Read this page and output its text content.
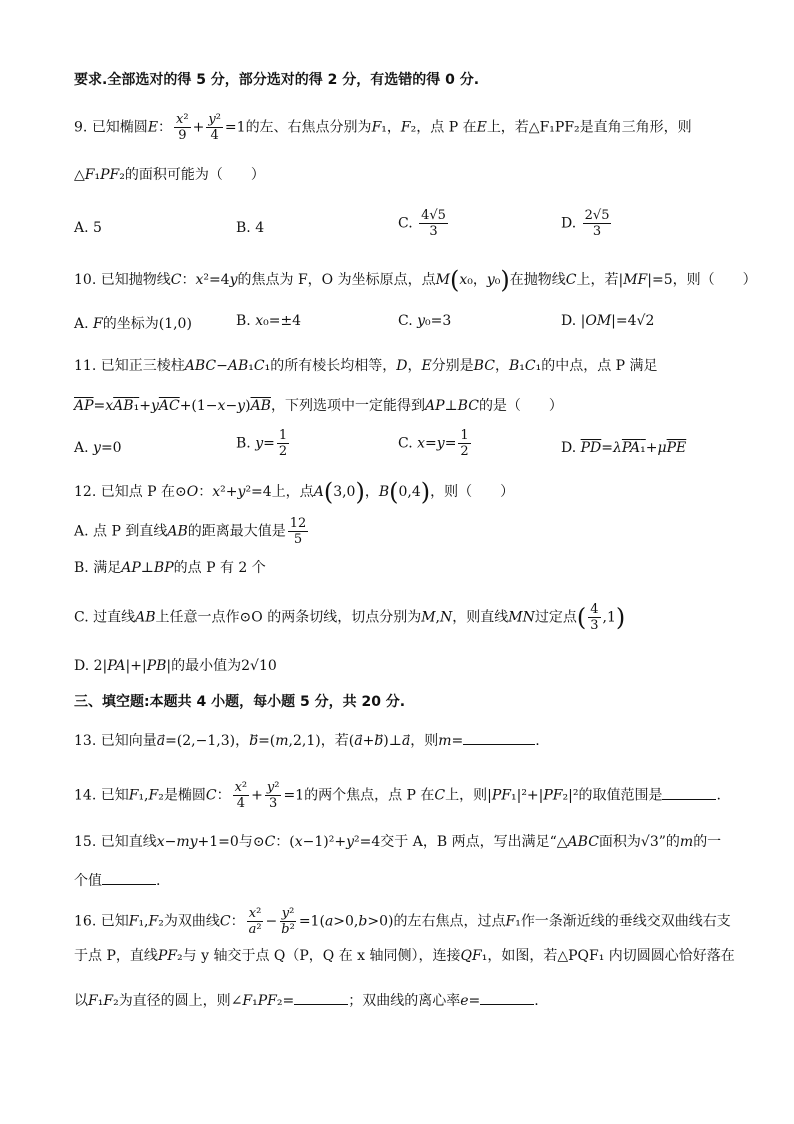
要求.全部选对的得 5 分，部分选对的得 2 分，有选错的得 0 分.
9. 已知椭圆E： $\frac{\text{x²}}{9} + \frac{\text{y²}}{4} =1$的左、右焦点分别为F₁，F₂，点 P 在E上，若△F₁PF₂是直角三角形，则
△F₁PF₂的面积可能为（　　）
A. 5	B. 4	C. $\frac{4√5}{3}$	D. $\frac{2√5}{3}$
10. 已知抛物线C：x²=4y的焦点为 F，O 为坐标原点，点M(x₀，y₀)在抛物线C上，若|MF|=5，则（　　）
A. F的坐标为(1,0)	B. x₀=±4	C. y₀=3	D. |OM|=4√2
11. 已知正三棱柱ABC−AB₁C₁的所有棱长均相等，D，E分别是BC，B₁C₁的中点，点 P 满足
$\overline{AP}=xAB_1+y\overline{AC}+(1-x-y)\overline{AB}$，下列选项中一定能得到AP⊥BC的是（　　）
A. y=0	B. $y= \frac{1}{2}$	C. $x=y= \frac{1}{2}$	D. $\overline{PD}=\lambda PA_1+\mu\overline{PE}$
12. 已知点 P 在⊙O：x²+y²=4上，点A(3,0)，B(0,4)，则（　　）
A. 点 P 到直线AB的距离最大值是 $\frac{12}{5}$
B. 满足AP⊥BP的点 P 有 2 个
C. 过直线AB上任意一点作⊙O 的两条切线，切点分别为M,N，则直线MN过定点( $\frac{4}{3} ,1$)
D. 2|PA|+|PB|的最小值为2√10
三、填空题:本题共 4 小题，每小题 5 分，共 20 分.
13. 已知向量a⃗=(2,−1,3)，b⃗=(m,2,1)，若(a⃗+b⃗)⊥a，则m=	.
14. 已知F₁,F₂是椭圆C： $\frac{\text{x²}}{4} + \frac{\text{y²}}{3} =1$的两个焦点，点 P 在C上，则|PF₁|²+|PF₂|²的取值范围是	.
15. 已知直线x−my+1=0与⊙C：(x−1)²+y²=4交于 A，B 两点，写出满足“△ABC面积为√3”的m的一
个值	.
16. 已知F₁,F₂为双曲线C： $\frac{\text{x²}}{\text{a²}} - \frac{\text{y²}}{\text{b²}} =1(a>0,b>0)$的左右焦点，过点F₁作一条渐近线的垂线交双曲线右支
于点 P，直线PF₂与 y 轴交于点 Q（P，Q 在 x 轴同侧），连接QF₁，如图，若△PQF₁ 内切圆圆心恰好落在
以F₁F₂为直径的圆上，则∠F₁PF₂=	；双曲线的离心率e=	.
